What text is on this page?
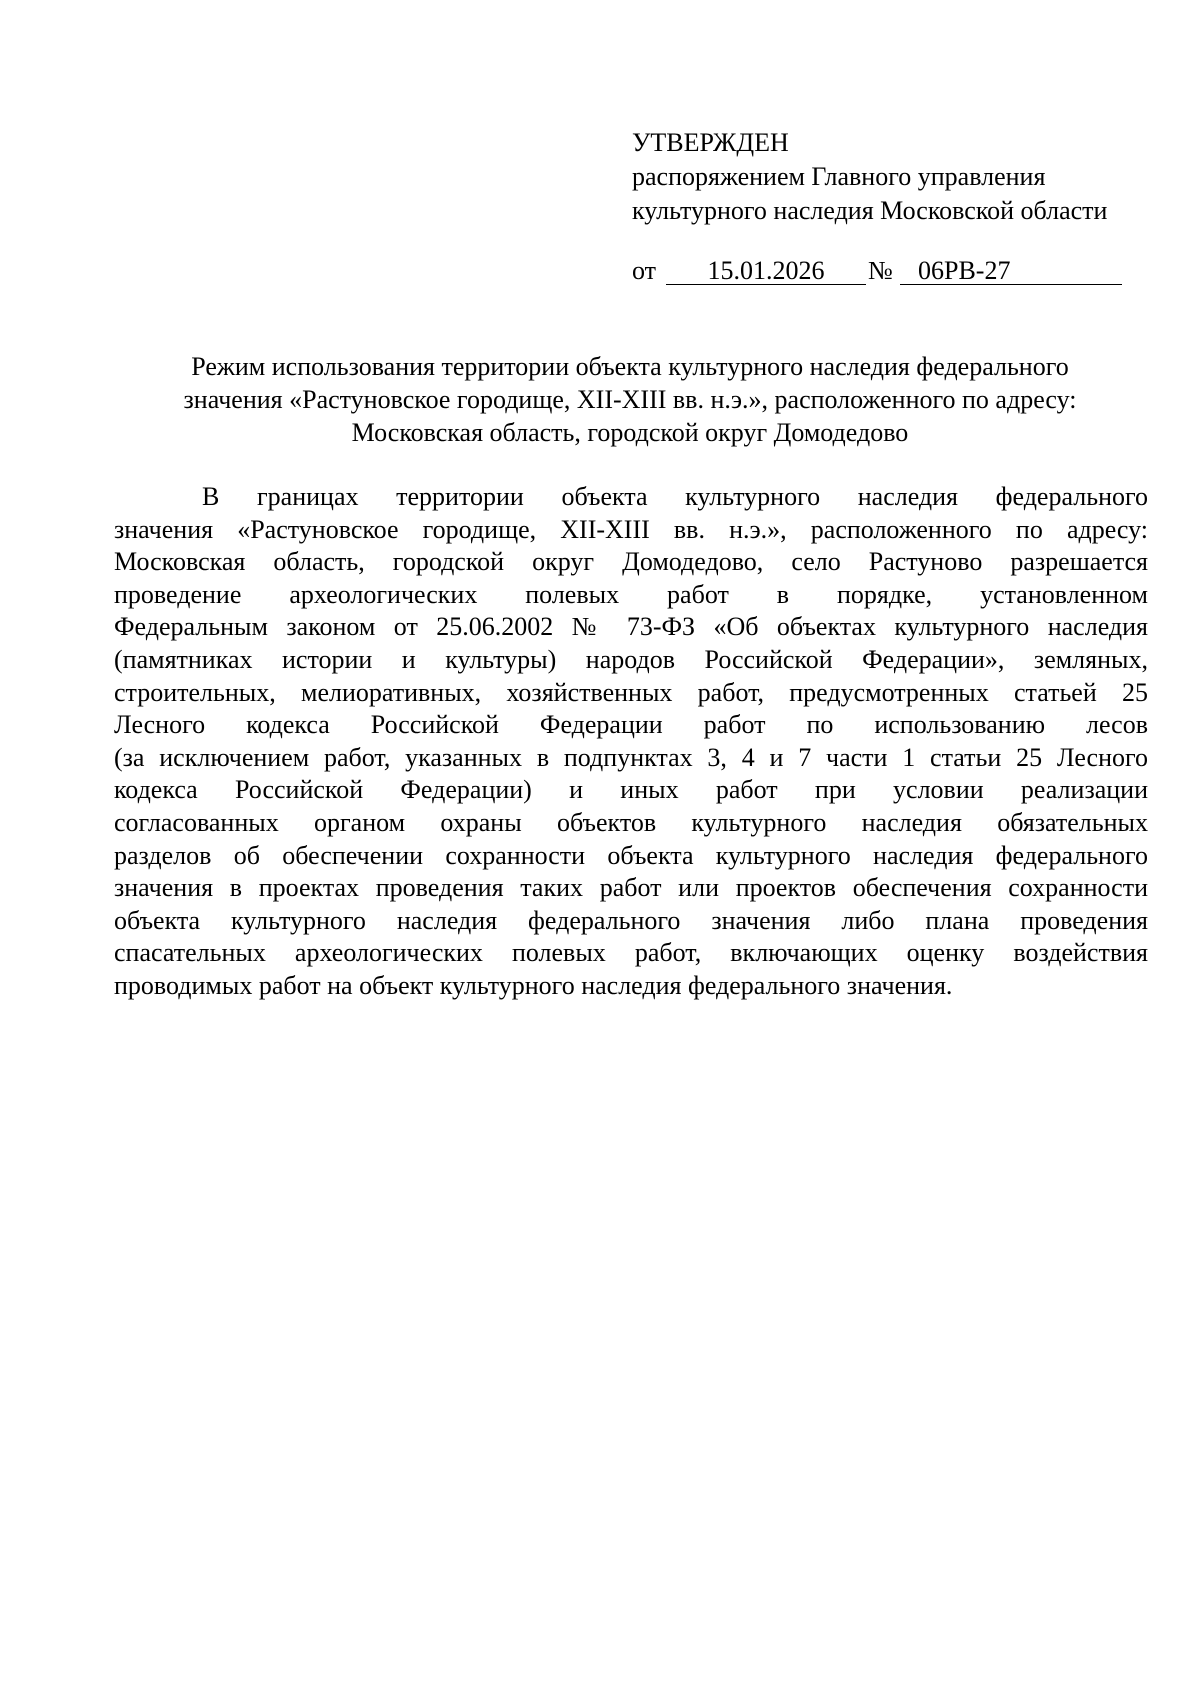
УТВЕРЖДЕН
распоряжением Главного управления
культурного наследия Московской области
от	15.01.2026	№ 06РВ-27
Режим использования территории объекта культурного наследия федерального
значения «Растуновское городище, XII-XIII вв. н.э.», расположенного по адресу:
Московская область, городской округ Домодедово
В границах территории объекта культурного наследия федерального
значения «Растуновское городище, XII-XIII вв. н.э.», расположенного по адресу:
Московская область, городской округ Домодедово, село Растуново разрешается
проведение археологических полевых работ в порядке, установленном
Федеральным законом от 25.06.2002 № 73-ФЗ «Об объектах культурного наследия
(памятниках истории и культуры) народов Российской Федерации», земляных,
строительных, мелиоративных, хозяйственных работ, предусмотренных статьей 25
Лесного кодекса Российской Федерации работ по использованию лесов
(за исключением работ, указанных в подпунктах 3, 4 и 7 части 1 статьи 25 Лесного
кодекса Российской Федерации) и иных работ при условии реализации
согласованных органом охраны объектов культурного наследия обязательных
разделов об обеспечении сохранности объекта культурного наследия федерального
значения в проектах проведения таких работ или проектов обеспечения сохранности
объекта культурного наследия федерального значения либо плана проведения
спасательных археологических полевых работ, включающих оценку воздействия
проводимых работ на объект культурного наследия федерального значения.
